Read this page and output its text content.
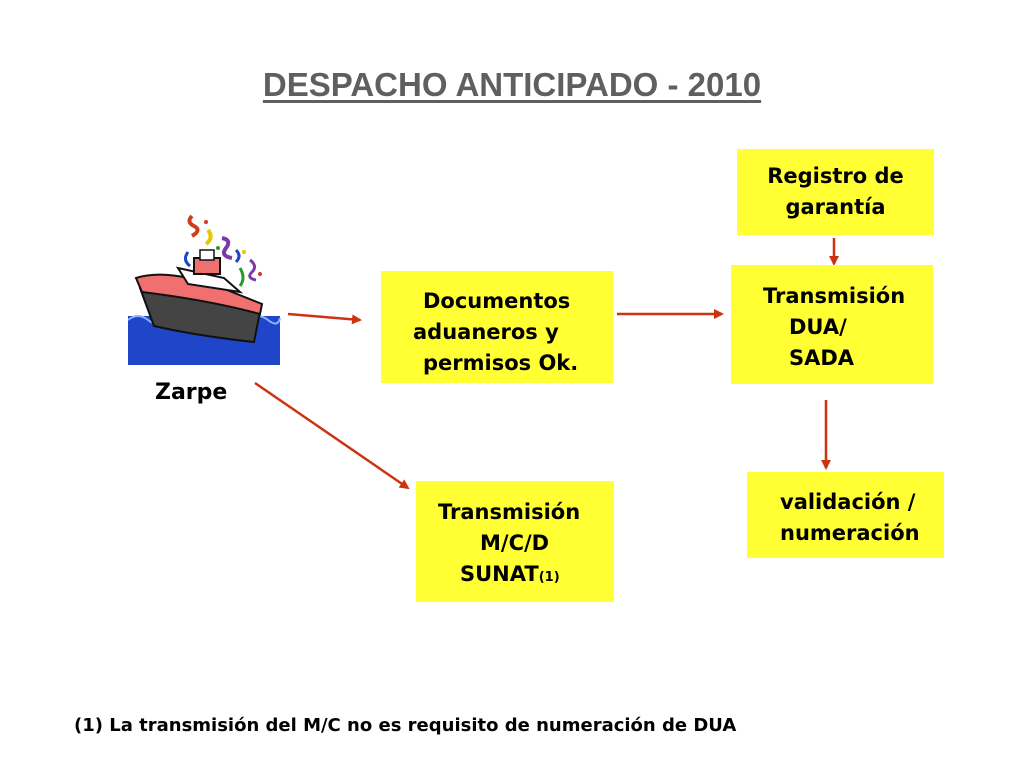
DESPACHO ANTICIPADO - 2010
Zarpe
Documentos
aduaneros y
permisos Ok.
Registro de
garantía
Transmisión
DUA/
SADA
validación /
numeración
Transmisión
M/C/D
SUNAT(1)
(1) La transmisión del M/C no es requisito de numeración de DUA
